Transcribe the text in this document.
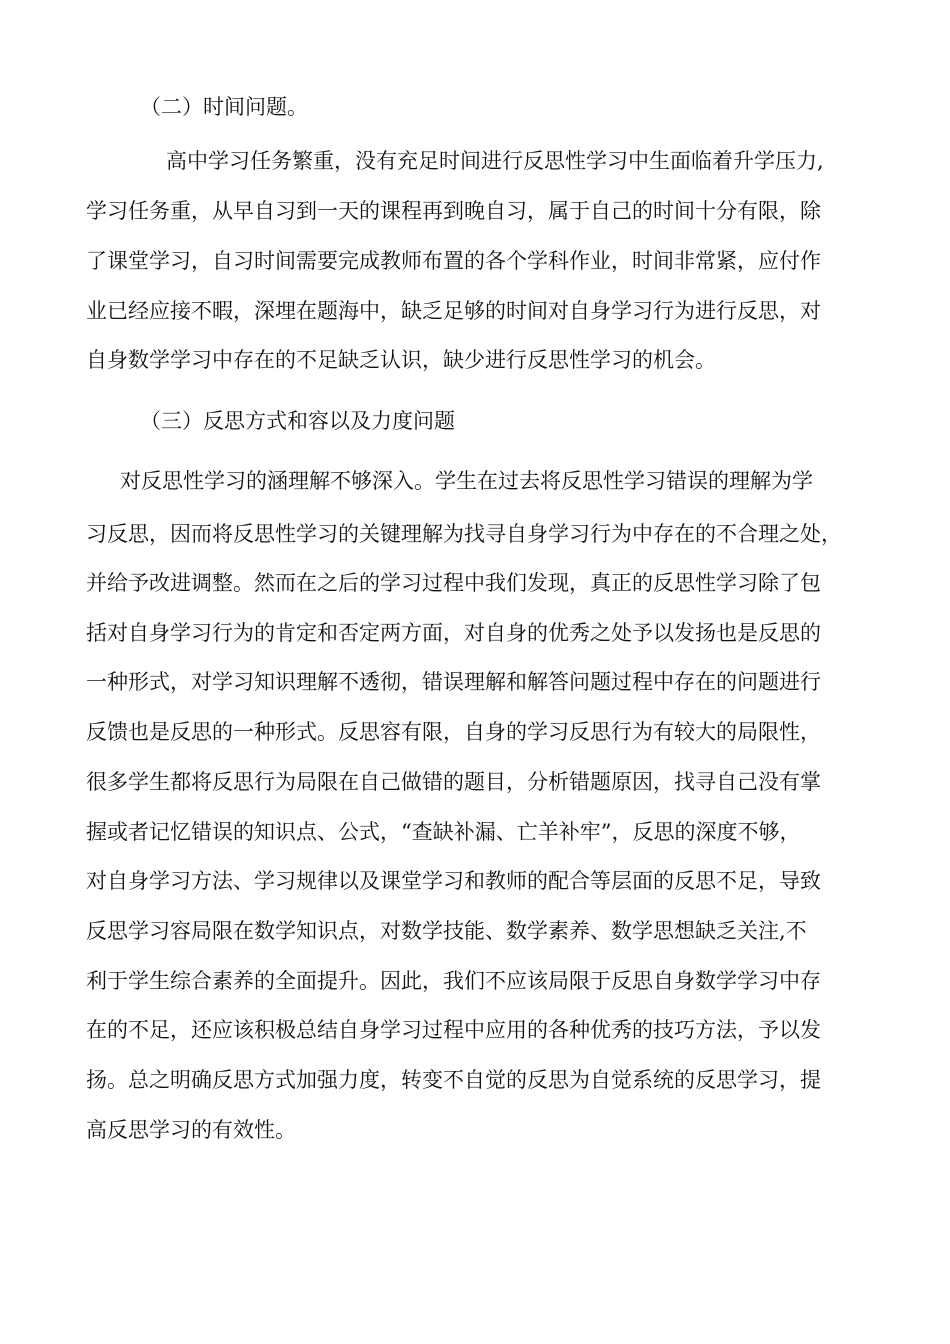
（二）时间问题。
高中学习任务繁重，没有充足时间进行反思性学习中生面临着升学压力,
学习任务重，从早自习到一天的课程再到晚自习，属于自己的时间十分有限，除
了课堂学习，自习时间需要完成教师布置的各个学科作业，时间非常紧，应付作
业已经应接不暇，深埋在题海中，缺乏足够的时间对自身学习行为进行反思，对
自身数学学习中存在的不足缺乏认识，缺少进行反思性学习的机会。
（三）反思方式和容以及力度问题
对反思性学习的涵理解不够深入。学生在过去将反思性学习错误的理解为学
习反思，因而将反思性学习的关键理解为找寻自身学习行为中存在的不合理之处，
并给予改进调整。然而在之后的学习过程中我们发现，真正的反思性学习除了包
括对自身学习行为的肯定和否定两方面，对自身的优秀之处予以发扬也是反思的
一种形式，对学习知识理解不透彻，错误理解和解答问题过程中存在的问题进行
反馈也是反思的一种形式。反思容有限，自身的学习反思行为有较大的局限性，
很多学生都将反思行为局限在自己做错的题目，分析错题原因，找寻自己没有掌
握或者记忆错误的知识点、公式，“查缺补漏、亡羊补牢”，反思的深度不够，
对自身学习方法、学习规律以及课堂学习和教师的配合等层面的反思不足，导致
反思学习容局限在数学知识点，对数学技能、数学素养、数学思想缺乏关注,不
利于学生综合素养的全面提升。因此，我们不应该局限于反思自身数学学习中存
在的不足，还应该积极总结自身学习过程中应用的各种优秀的技巧方法，予以发
扬。总之明确反思方式加强力度，转变不自觉的反思为自觉系统的反思学习，提
高反思学习的有效性。
